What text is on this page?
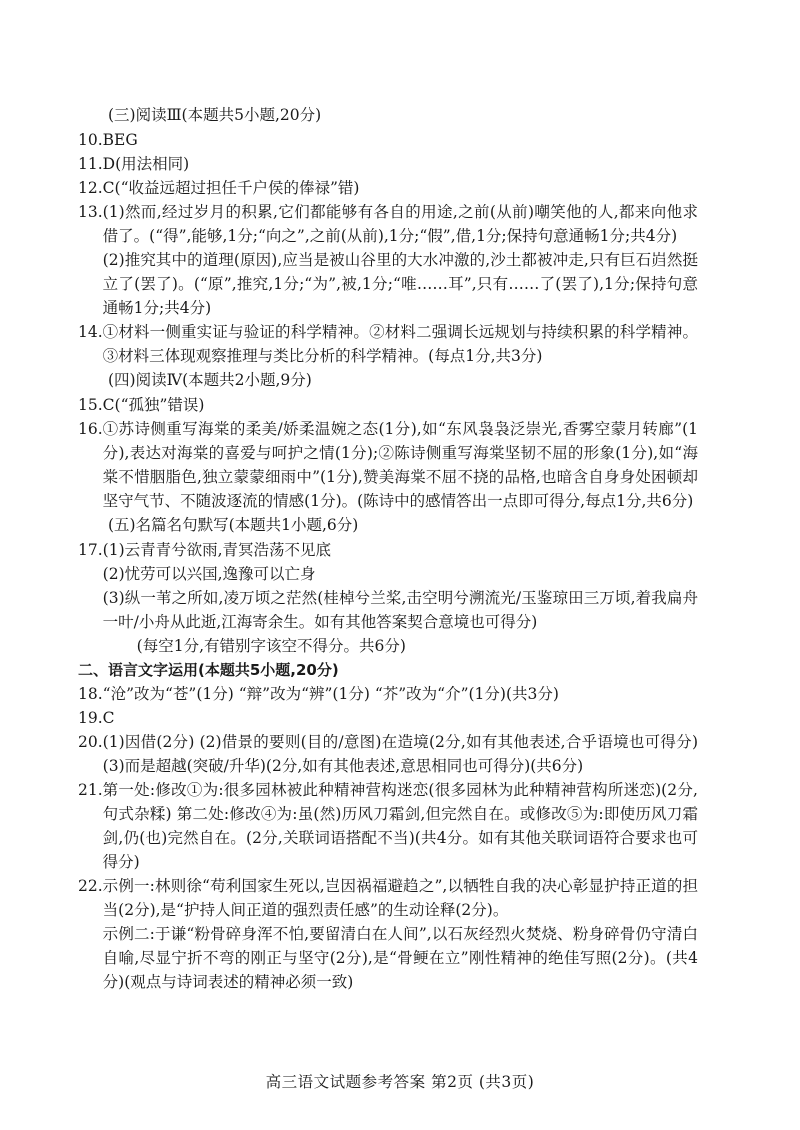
(三)阅读Ⅲ(本题共5小题,20分)
10. BEG

11. D(用法相同)

12. C(“收益远超过担任千户侯的俸禄”错)

13. (1)然而,经过岁月的积累,它们都能够有各自的用途,之前(从前)嘲笑他的人,都来向他求借了。(“得”,能够,1分;“向之”,之前(从前),1分;“假”,借,1分;保持句意通畅1分;共4分)

(2)推究其中的道理(原因),应当是被山谷里的大水冲激的,沙土都被冲走,只有巨石岿然挺立了(罢了)。(“原”,推究,1分;“为”,被,1分;“唯……耳”,只有……了(罢了),1分;保持句意通畅1分;共4分)

14. ①材料一侧重实证与验证的科学精神。②材料二强调长远规划与持续积累的科学精神。③材料三体现观察推理与类比分析的科学精神。(每点1分,共3分)

(四)阅读Ⅳ(本题共2小题,9分)
15. C(“孤独”错误)

16. ①苏诗侧重写海棠的柔美/娇柔温婉之态(1分),如“东风袅袅泛崇光,香雾空蒙月转廊”(1分),表达对海棠的喜爱与呵护之情(1分);②陈诗侧重写海棠坚韧不屈的形象(1分),如“海棠不惜胭脂色,独立蒙蒙细雨中”(1分),赞美海棠不屈不挠的品格,也暗含自身身处困顿却坚守气节、不随波逐流的情感(1分)。(陈诗中的感情答出一点即可得分,每点1分,共6分)

(五)名篇名句默写(本题共1小题,6分)
17. (1)云青青兮欲雨,青冥浩荡不见底

(2)忧劳可以兴国,逸豫可以亡身

(3)纵一苇之所如,凌万顷之茫然(桂棹兮兰桨,击空明兮溯流光/玉鉴琼田三万顷,着我扁舟一叶/小舟从此逝,江海寄余生。如有其他答案契合意境也可得分)

(每空1分,有错别字该空不得分。共6分)

二、语言文字运用(本题共5小题,20分)
18. “沧”改为“苍”(1分) “辩”改为“辨”(1分) “芥”改为“介”(1分)(共3分)

19. C

20. (1)因借(2分) (2)借景的要则(目的/意图)在造境(2分,如有其他表述,合乎语境也可得分) (3)而是超越(突破/升华)(2分,如有其他表述,意思相同也可得分)(共6分)

21. 第一处:修改①为:很多园林被此种精神营构迷恋(很多园林为此种精神营构所迷恋)(2分,句式杂糅) 第二处:修改④为:虽(然)历风刀霜剑,但完然自在。或修改⑤为:即使历风刀霜剑,仍(也)完然自在。(2分,关联词语搭配不当)(共4分。如有其他关联词语符合要求也可得分)

22. 示例一:林则徐“苟利国家生死以,岂因祸福避趋之”,以牺牲自我的决心彰显护持正道的担当(2分),是“护持人间正道的强烈责任感”的生动诠释(2分)。

示例二:于谦“粉骨碎身浑不怕,要留清白在人间”,以石灰经烈火焚烧、粉身碎骨仍守清白自喻,尽显宁折不弯的刚正与坚守(2分),是“骨鲠在立”刚性精神的绝佳写照(2分)。(共4分)(观点与诗词表述的精神必须一致)

高三语文试题参考答案 第2页 (共3页)
